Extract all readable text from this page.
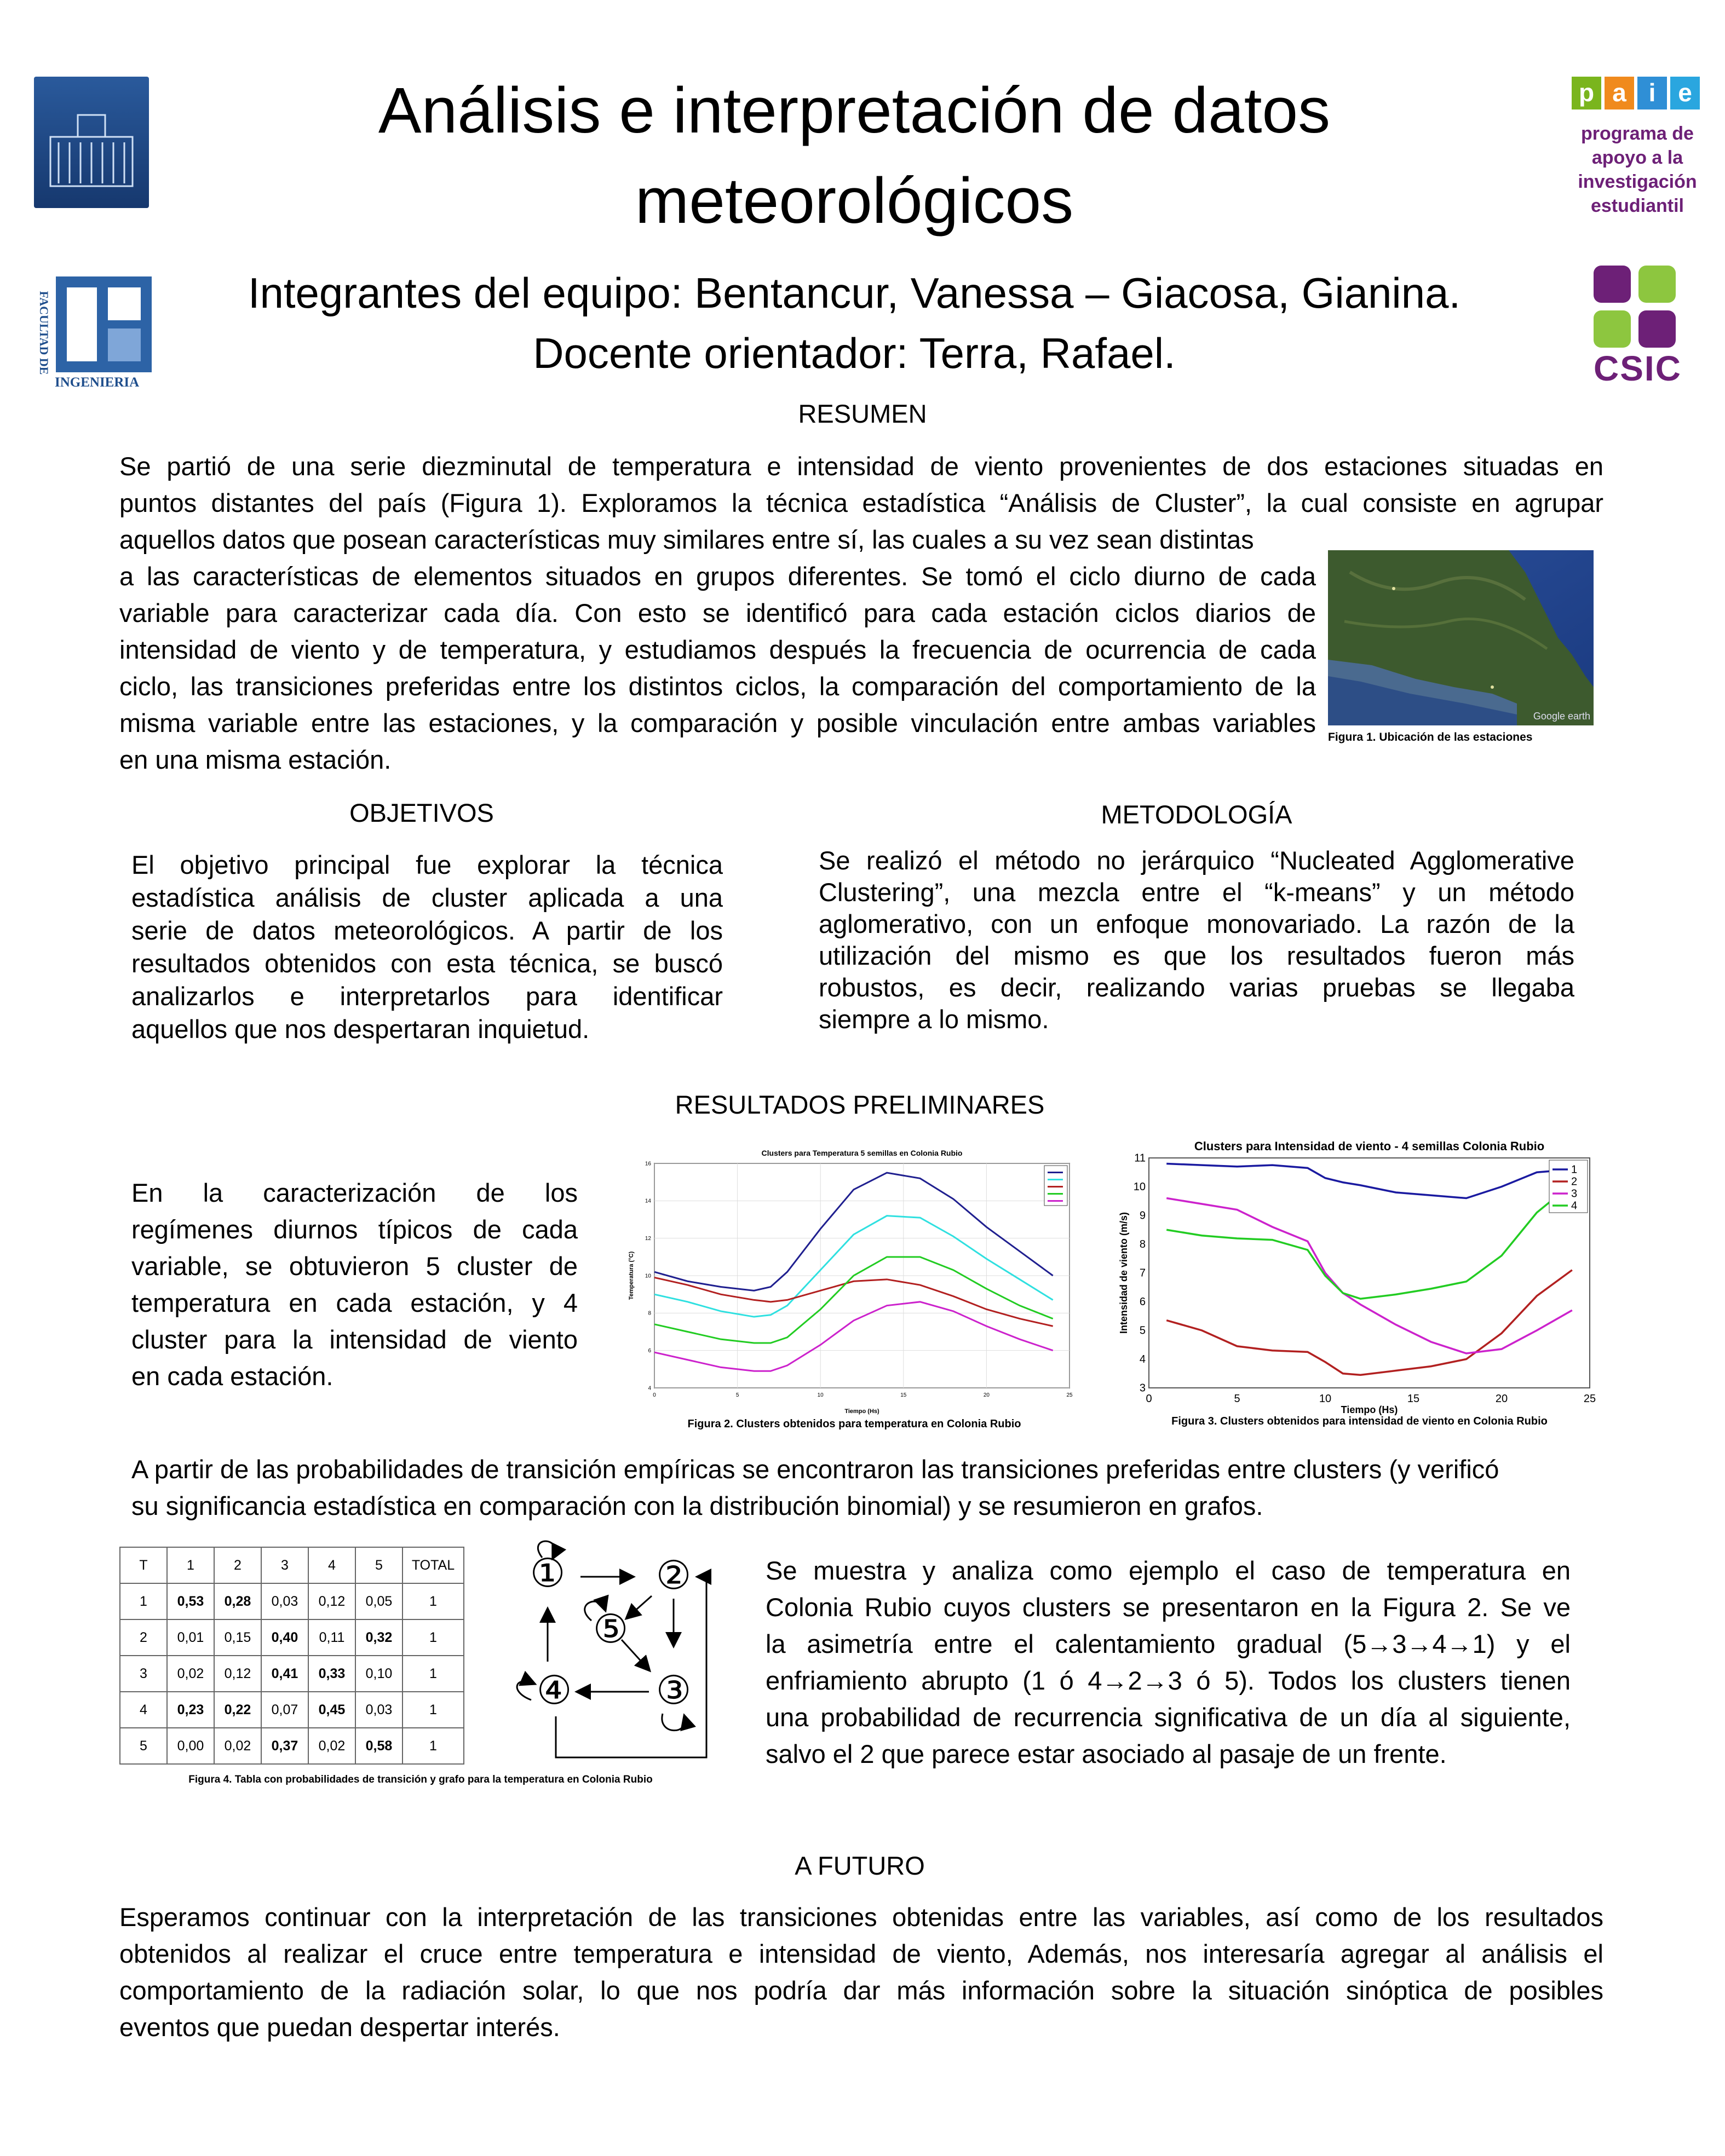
FACULTAD DE
INGENIERIA
p a i e
programa de
apoyo a la
investigación
estudiantil
CSIC
Análisis e interpretación de datos meteorológicos
Integrantes del equipo: Bentancur, Vanessa – Giacosa, Gianina.
Docente orientador: Terra, Rafael.
RESUMEN

Se partió de una serie diezminutal de temperatura e intensidad de viento provenientes de dos estaciones situadas en

puntos distantes del país (Figura 1). Exploramos la técnica estadística “Análisis de Cluster”, la cual consiste en agrupar

aquellos datos que posean características muy similares entre sí, las cuales a su vez sean distintas

a las características de elementos situados en grupos diferentes. Se tomó el ciclo diurno de cada

variable para caracterizar cada día. Con esto se identificó para cada estación ciclos diarios de

intensidad de viento y de temperatura, y estudiamos después la frecuencia de ocurrencia de cada

ciclo, las transiciones preferidas entre los distintos ciclos, la comparación del comportamiento de la

misma variable entre las estaciones, y la comparación y posible vinculación entre ambas variables

en una misma estación.

Google earth
Figura 1. Ubicación de las estaciones
OBJETIVOS

El objetivo principal fue explorar la técnica

estadística análisis de cluster aplicada a una

serie de datos meteorológicos. A partir de los

resultados obtenidos con esta técnica, se buscó

analizarlos e interpretarlos para identificar

aquellos que nos despertaran inquietud.

METODOLOGÍA

Se realizó el método no jerárquico “Nucleated Agglomerative

Clustering”, una mezcla entre el “k-means” y un método

aglomerativo, con un enfoque monovariado. La razón de la

utilización del mismo es que los resultados fueron más

robustos, es decir, realizando varias pruebas se llegaba

siempre a lo mismo.

RESULTADOS PRELIMINARES

En la caracterización de los

regímenes diurnos típicos de cada

variable, se obtuvieron 5 cluster de

temperatura en cada estación, y 4

cluster para la intensidad de viento

en cada estación.

Clusters para Temperatura 5 semillas en Colonia Rubio
0	5	10	15	20	25
4
6
8
10
12
14
16
Tiempo (Hs)
Temperatura (°C)
Figura 2. Clusters obtenidos para temperatura en Colonia Rubio
Clusters para Intensidad de viento - 4 semillas Colonia Rubio
0	5	10	15	20	25
3
4
5
6
7
8
9
10
11
Tiempo (Hs)
Intensidad de viento (m/s)
1
2
3
4
Figura 3. Clusters obtenidos para intensidad de viento en Colonia Rubio

A partir de las probabilidades de transición empíricas se encontraron las transiciones preferidas entre clusters (y verificó

su significancia estadística en comparación con la distribución binomial) y se resumieron en grafos.

T	1	2	3	4	5	TOTAL
1	0,53	0,28	0,03	0,12	0,05	1
2	0,01	0,15	0,40	0,11	0,32	1
3	0,02	0,12	0,41	0,33	0,10	1
4	0,23	0,22	0,07	0,45	0,03	1
5	0,00	0,02	0,37	0,02	0,58	1
① ②
③
④
⑤
Figura 4. Tabla con probabilidades de transición y grafo para la temperatura en Colonia Rubio

Se muestra y analiza como ejemplo el caso de temperatura en

Colonia Rubio cuyos clusters se presentaron en la Figura 2. Se ve

la asimetría entre el calentamiento gradual (5→3→4→1) y el

enfriamiento abrupto (1 ó 4→2→3 ó 5). Todos los clusters tienen

una probabilidad de recurrencia significativa de un día al siguiente,

salvo el 2 que parece estar asociado al pasaje de un frente.

A FUTURO

Esperamos continuar con la interpretación de las transiciones obtenidas entre las variables, así como de los resultados

obtenidos al realizar el cruce entre temperatura e intensidad de viento, Además, nos interesaría agregar al análisis el

comportamiento de la radiación solar, lo que nos podría dar más información sobre la situación sinóptica de posibles

eventos que puedan despertar interés.
